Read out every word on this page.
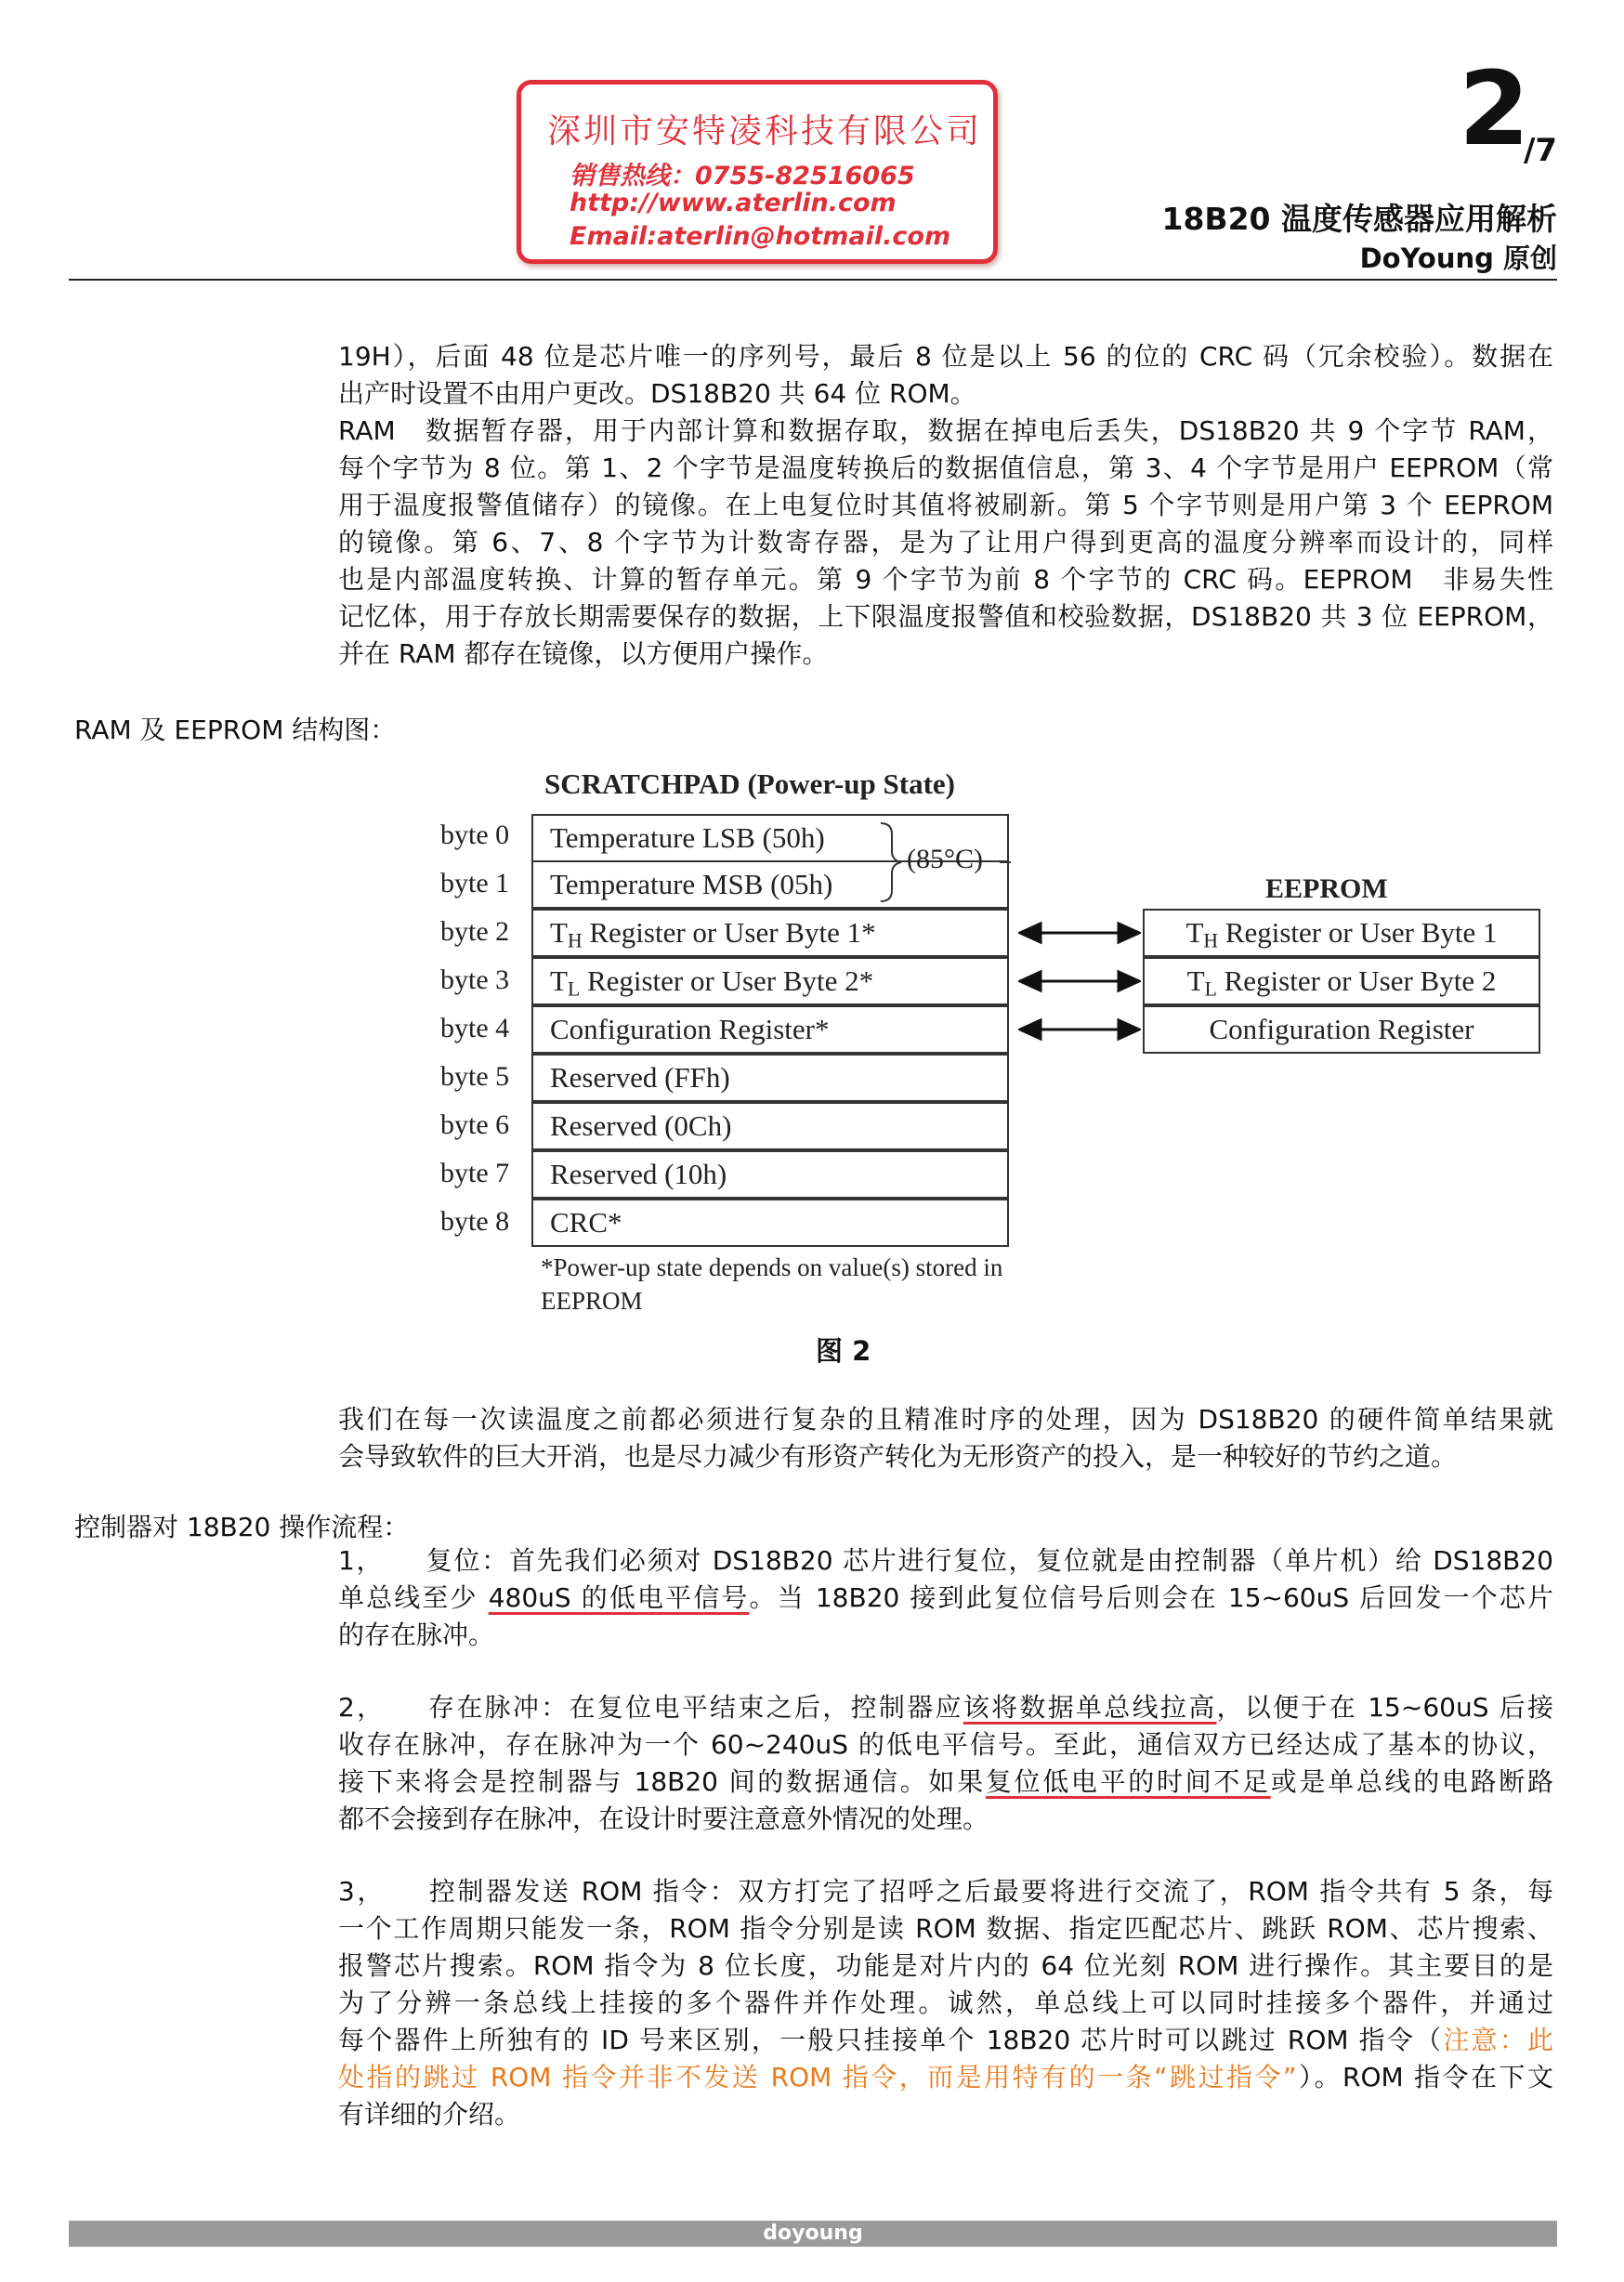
深圳市安特凌科技有限公司
销售热线：0755-82516065
http://www.aterlin.com
Email:aterlin@hotmail.com
2
/7
18B20 温度传感器应用解析
DoYoung 原创
19H），后面 48 位是芯片唯一的序列号，最后 8 位是以上 56 的位的 CRC 码（冗余校验）。数据在
出产时设置不由用户更改。DS18B20 共 64 位 ROM。
RAM　数据暂存器，用于内部计算和数据存取，数据在掉电后丢失，DS18B20 共 9 个字节 RAM，
每个字节为 8 位。第 1、2 个字节是温度转换后的数据值信息，第 3、4 个字节是用户 EEPROM（常
用于温度报警值储存）的镜像。在上电复位时其值将被刷新。第 5 个字节则是用户第 3 个 EEPROM
的镜像。第 6、7、8 个字节为计数寄存器，是为了让用户得到更高的温度分辨率而设计的，同样
也是内部温度转换、计算的暂存单元。第 9 个字节为前 8 个字节的 CRC 码。EEPROM　非易失性
记忆体，用于存放长期需要保存的数据，上下限温度报警值和校验数据，DS18B20 共 3 位 EEPROM，
并在 RAM 都存在镜像，以方便用户操作。
RAM 及 EEPROM 结构图：
SCRATCHPAD (Power-up State)
byte 0
byte 1
byte 2
byte 3
byte 4
byte 5
byte 6
byte 7
byte 8
Temperature LSB (50h)
Temperature MSB (05h)
$T_H$ Register or User Byte 1*
$T_L$ Register or User Byte 2*
Configuration Register*
Reserved (FFh)
Reserved (0Ch)
Reserved (10h)
CRC*
(85°C)
EEPROM
$T_H$ Register or User Byte 1
$T_L$ Register or User Byte 2
Configuration Register
*Power-up state depends on value(s) stored in EEPROM
图 2
我们在每一次读温度之前都必须进行复杂的且精准时序的处理，因为 DS18B20 的硬件简单结果就
会导致软件的巨大开消，也是尽力减少有形资产转化为无形资产的投入，是一种较好的节约之道。
控制器对 18B20 操作流程：
1，　　复位：首先我们必须对 DS18B20 芯片进行复位，复位就是由控制器（单片机）给 DS18B20
单总线至少 480uS 的低电平信号。当 18B20 接到此复位信号后则会在 15~60uS 后回发一个芯片
的存在脉冲。
2，　　存在脉冲：在复位电平结束之后，控制器应该将数据单总线拉高，以便于在 15~60uS 后接
收存在脉冲，存在脉冲为一个 60~240uS 的低电平信号。至此，通信双方已经达成了基本的协议，
接下来将会是控制器与 18B20 间的数据通信。如果复位低电平的时间不足或是单总线的电路断路
都不会接到存在脉冲，在设计时要注意意外情况的处理。
3，　　控制器发送 ROM 指令：双方打完了招呼之后最要将进行交流了，ROM 指令共有 5 条，每
一个工作周期只能发一条，ROM 指令分别是读 ROM 数据、指定匹配芯片、跳跃 ROM、芯片搜索、
报警芯片搜索。ROM 指令为 8 位长度，功能是对片内的 64 位光刻 ROM 进行操作。其主要目的是
为了分辨一条总线上挂接的多个器件并作处理。诚然，单总线上可以同时挂接多个器件，并通过
每个器件上所独有的 ID 号来区别，一般只挂接单个 18B20 芯片时可以跳过 ROM 指令（注意：此
处指的跳过 ROM 指令并非不发送 ROM 指令，而是用特有的一条“跳过指令”）。ROM 指令在下文
有详细的介绍。
doyoung
